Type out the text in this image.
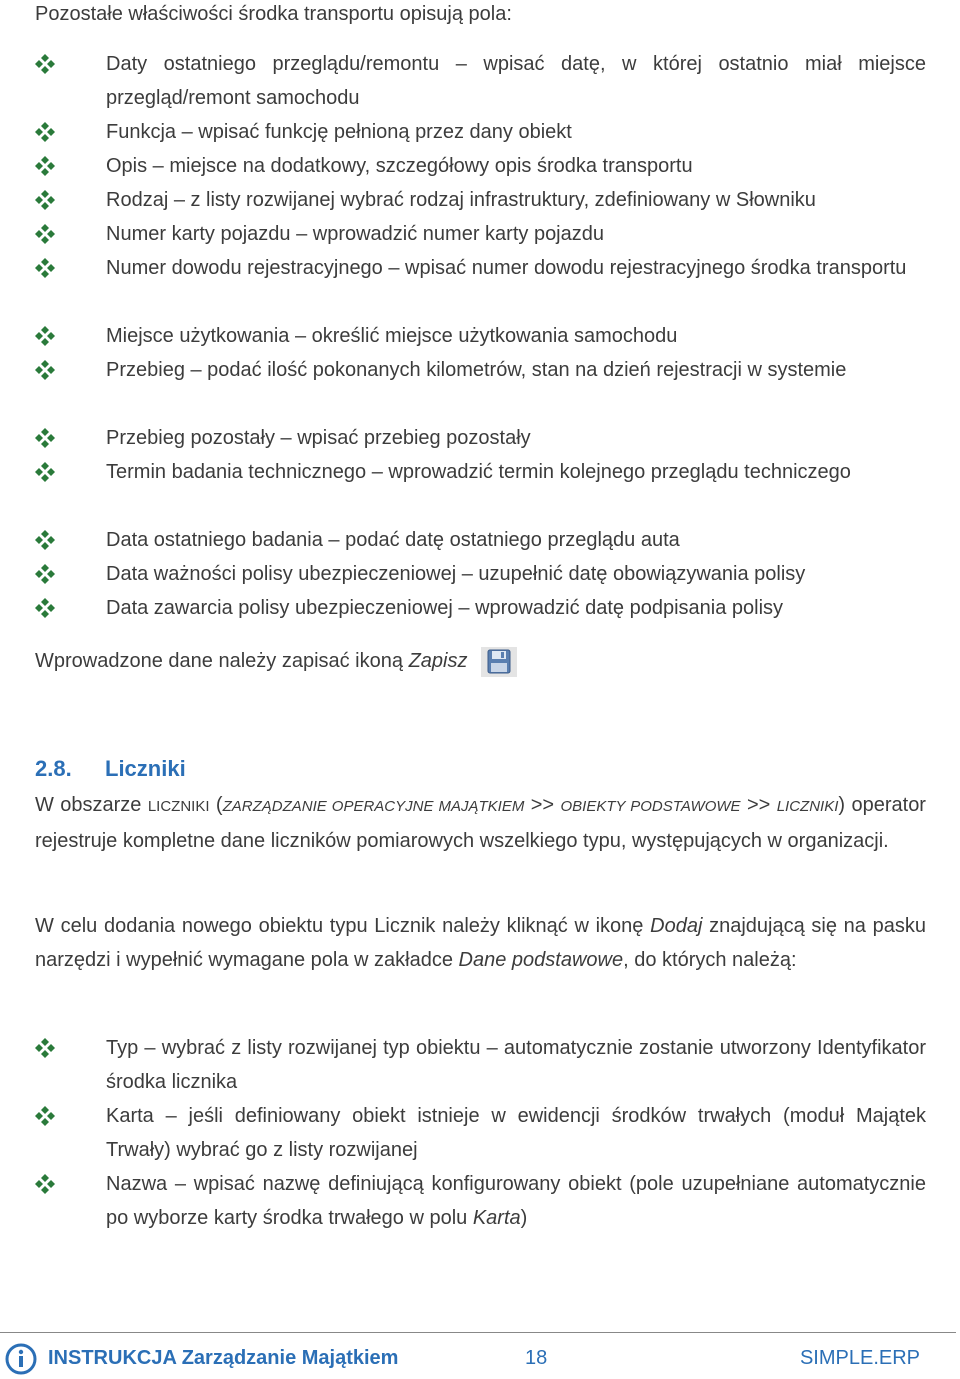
Pozostałe właściwości środka transportu opisują pola:
Daty ostatniego przeglądu/remontu – wpisać datę, w której ostatnio miał miejsce przegląd/remont samochodu
Funkcja – wpisać funkcję pełnioną przez dany obiekt
Opis – miejsce na dodatkowy, szczegółowy opis środka transportu
Rodzaj – z listy rozwijanej wybrać rodzaj infrastruktury, zdefiniowany w Słowniku
Numer karty pojazdu – wprowadzić numer karty pojazdu
Numer dowodu rejestracyjnego – wpisać numer dowodu rejestracyjnego środka transportu
Miejsce użytkowania – określić miejsce użytkowania samochodu
Przebieg – podać ilość pokonanych kilometrów, stan na dzień rejestracji w systemie
Przebieg pozostały – wpisać przebieg pozostały
Termin badania technicznego – wprowadzić termin kolejnego przeglądu techniczego
Data ostatniego badania – podać datę ostatniego przeglądu auta
Data ważności polisy ubezpieczeniowej – uzupełnić datę obowiązywania polisy
Data zawarcia polisy ubezpieczeniowej – wprowadzić datę podpisania polisy
Wprowadzone dane należy zapisać ikoną Zapisz
2.8. Liczniki

W obszarze LICZNIKI (ZARZĄDZANIE OPERACYJNE MAJĄTKIEM >> OBIEKTY PODSTAWOWE >> LICZNIKI) operator rejestruje kompletne dane liczników pomiarowych wszelkiego typu, występujących w organizacji.

W celu dodania nowego obiektu typu Licznik należy kliknąć w ikonę Dodaj znajdującą się na pasku narzędzi i wypełnić wymagane pola w zakładce Dane podstawowe, do których należą:

Typ – wybrać z listy rozwijanej typ obiektu – automatycznie zostanie utworzony Identyfikator środka licznika
Karta – jeśli definiowany obiekt istnieje w ewidencji środków trwałych (moduł Majątek Trwały) wybrać go z listy rozwijanej
Nazwa – wpisać nazwę definiującą konfigurowany obiekt (pole uzupełniane automatycznie po wyborze karty środka trwałego w polu Karta)
INSTRUKCJA Zarządzanie Majątkiem	18	SIMPLE.ERP
